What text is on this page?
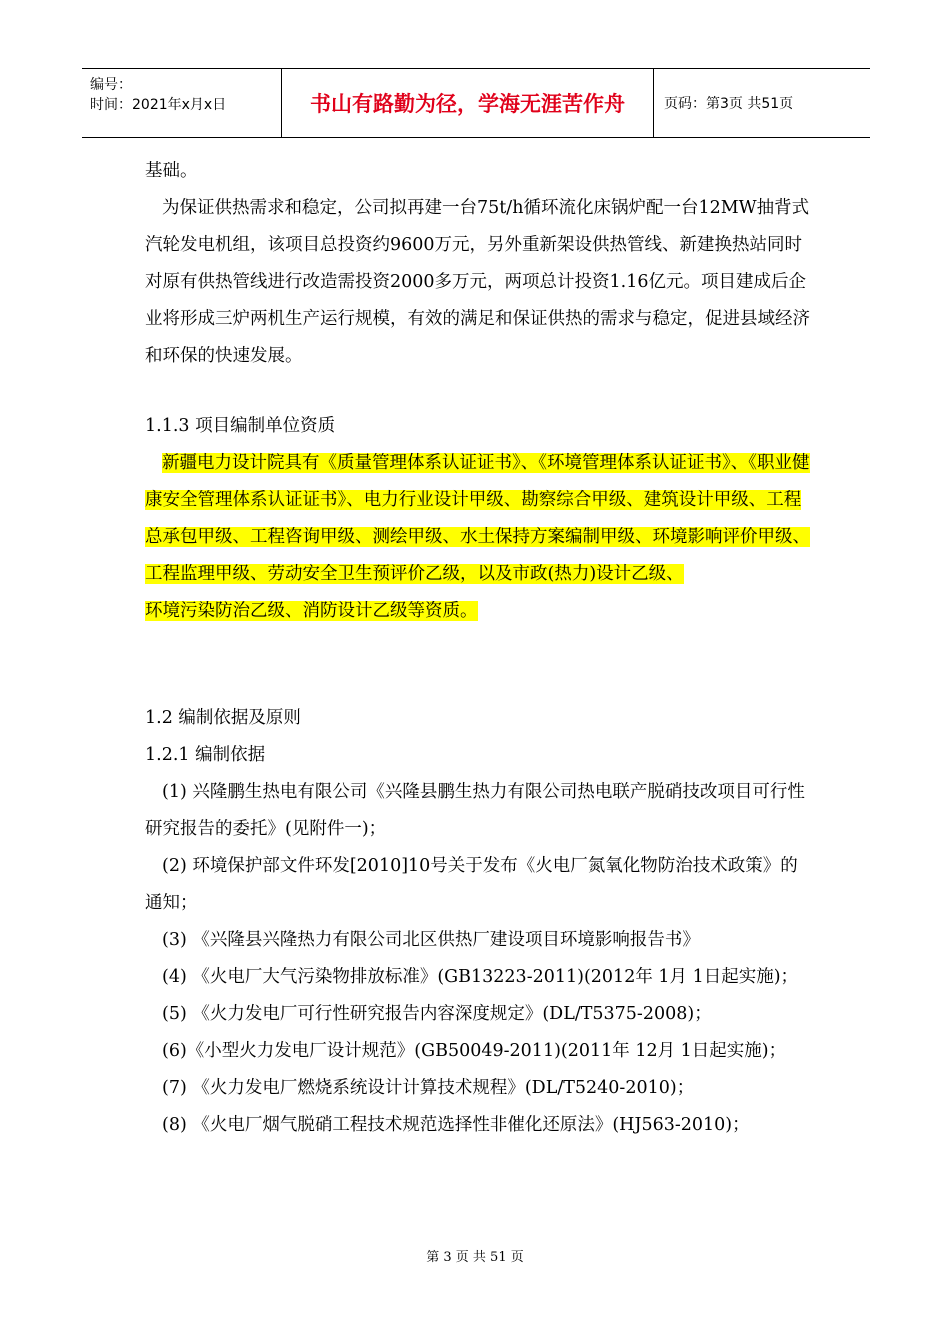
编号：
时间：2021年x月x日	书山有路勤为径，学海无涯苦作舟	页码：第3页 共51页

基础。

为保证供热需求和稳定，公司拟再建一台75t/h循环流化床锅炉配一台12MW抽背式汽轮发电机组，该项目总投资约9600万元，另外重新架设供热管线、新建换热站同时对原有供热管线进行改造需投资2000多万元，两项总计投资1.16亿元。项目建成后企业将形成三炉两机生产运行规模，有效的满足和保证供热的需求与稳定，促进县域经济和环保的快速发展。

1.1.3 项目编制单位资质

新疆电力设计院具有《质量管理体系认证证书》、《环境管理体系认证证书》、《职业健康安全管理体系认证证书》、电力行业设计甲级、勘察综合甲级、建筑设计甲级、工程总承包甲级、工程咨询甲级、测绘甲级、水土保持方案编制甲级、环境影响评价甲级、工程监理甲级、劳动安全卫生预评价乙级，以及市政(热力)设计乙级、
环境污染防治乙级、消防设计乙级等资质。

1.2 编制依据及原则

1.2.1 编制依据

(1) 兴隆鹏生热电有限公司《兴隆县鹏生热力有限公司热电联产脱硝技改项目可行性研究报告的委托》(见附件一)；

(2) 环境保护部文件环发[2010]10号关于发布《火电厂氮氧化物防治技术政策》的通知；

(3) 《兴隆县兴隆热力有限公司北区供热厂建设项目环境影响报告书》

(4) 《火电厂大气污染物排放标准》(GB13223-2011)(2012年 1月 1日起实施)；

(5) 《火力发电厂可行性研究报告内容深度规定》(DL/T5375-2008)；

(6)《小型火力发电厂设计规范》(GB50049-2011)(2011年 12月 1日起实施)；

(7) 《火力发电厂燃烧系统设计计算技术规程》(DL/T5240-2010)；

(8) 《火电厂烟气脱硝工程技术规范选择性非催化还原法》(HJ563-2010)；

第 3 页 共 51 页
